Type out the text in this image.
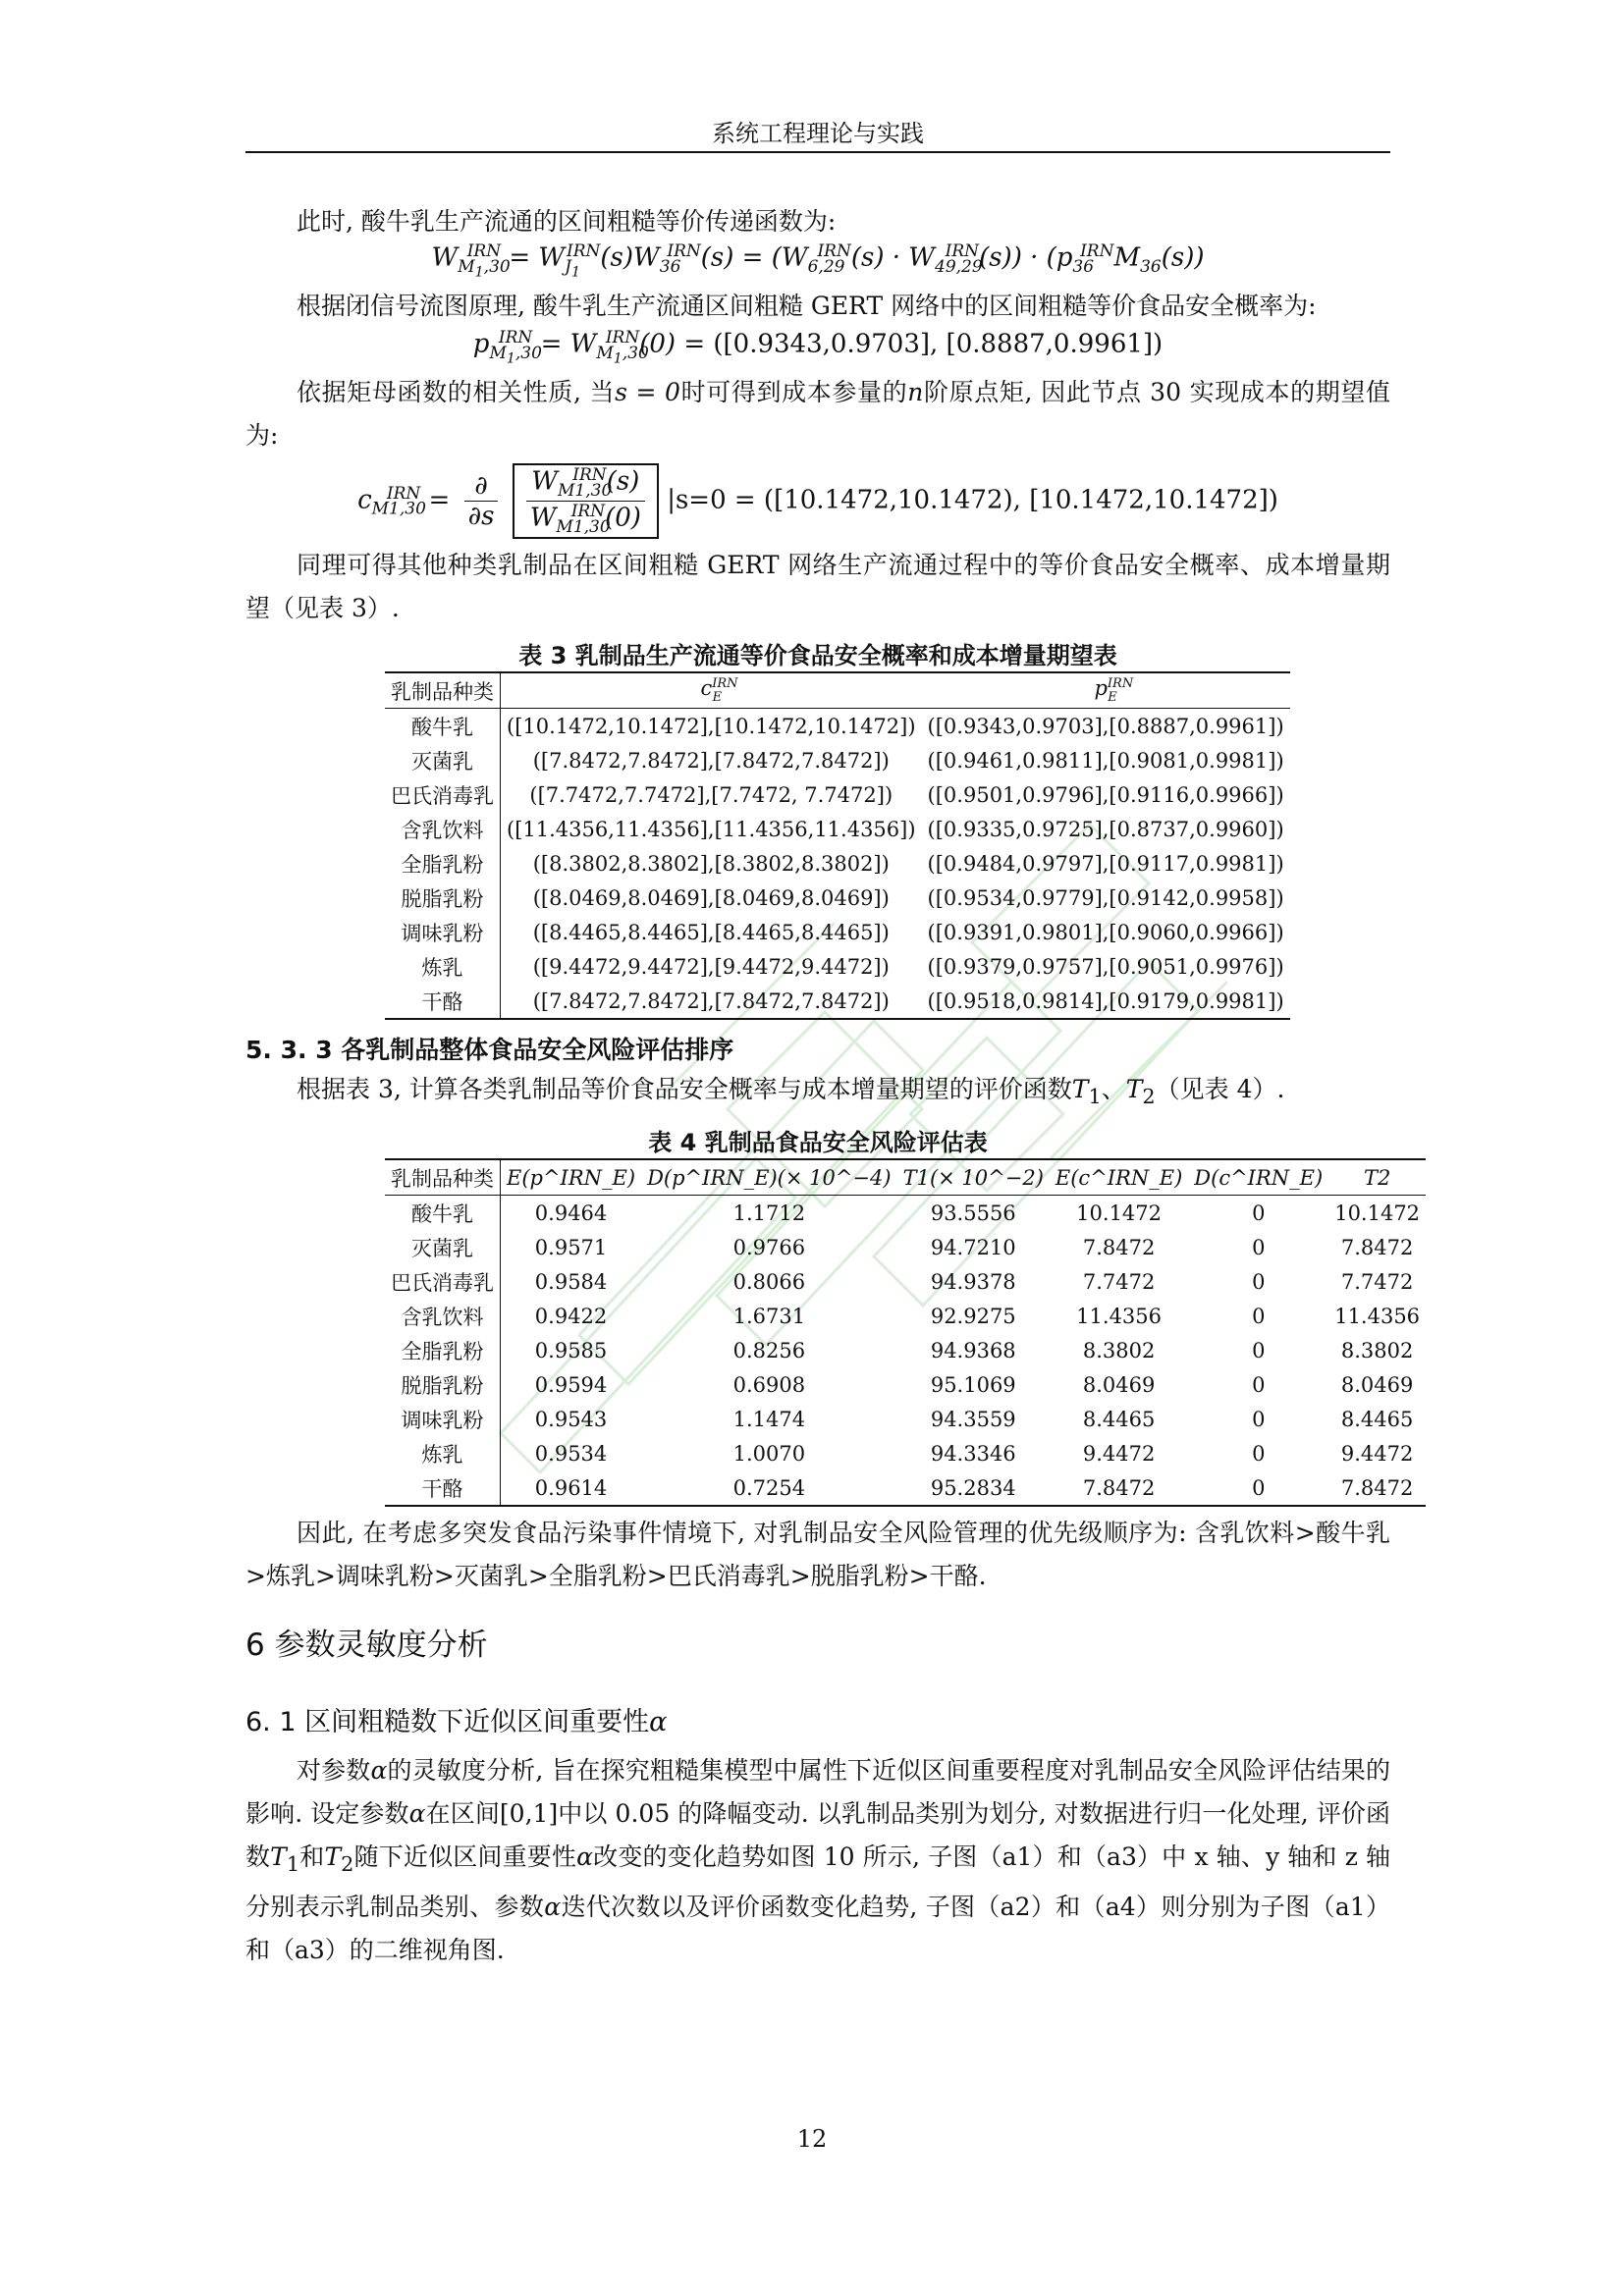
系统工程理论与实践

此时, 酸牛乳生产流通的区间粗糙等价传递函数为:

$W_{M_1,30}^{IRN} = W_{J_1}^{IRN}(s)W_{36}^{IRN}(s) = (W_{6,29}^{IRN}(s) \cdot W_{49,29}^{IRN}(s)) \cdot (p_{36}^{IRN}M_{36}(s))$

根据闭信号流图原理, 酸牛乳生产流通区间粗糙 GERT 网络中的区间粗糙等价食品安全概率为:

$p_{M_1,30}^{IRN} = W_{M_1,30}^{IRN}(0) = ([0.9343,0.9703]$, [0.8887,0.9961])

依据矩母函数的相关性质, 当s = 0时可得到成本参量的n阶原点矩, 因此节点 30 实现成本的期望值为:

$c_{M1,30}^{IRN} = \frac{\partial}{\partial s}$
$\frac{W_{M1,30}^{IRN}(s)}{W_{M1,30}^{IRN}(0)} |s=0 = ([10.1472,10.1472)$, [10.1472,10.1472])

同理可得其他种类乳制品在区间粗糙 GERT 网络生产流通过程中的等价食品安全概率、成本增量期望（见表 3）.

表 3 乳制品生产流通等价食品安全概率和成本增量期望表
乳制品种类	$c^{IRN}_E$	$p^{IRN}_E$
酸牛乳	([10.1472,10.1472],[10.1472,10.1472])	([0.9343,0.9703],[0.8887,0.9961])
灭菌乳	([7.8472,7.8472],[7.8472,7.8472])	([0.9461,0.9811],[0.9081,0.9981])
巴氏消毒乳	([7.7472,7.7472],[7.7472, 7.7472])	([0.9501,0.9796],[0.9116,0.9966])
含乳饮料	([11.4356,11.4356],[11.4356,11.4356])	([0.9335,0.9725],[0.8737,0.9960])
全脂乳粉	([8.3802,8.3802],[8.3802,8.3802])	([0.9484,0.9797],[0.9117,0.9981])
脱脂乳粉	([8.0469,8.0469],[8.0469,8.0469])	([0.9534,0.9779],[0.9142,0.9958])
调味乳粉	([8.4465,8.4465],[8.4465,8.4465])	([0.9391,0.9801],[0.9060,0.9966])
炼乳	([9.4472,9.4472],[9.4472,9.4472])	([0.9379,0.9757],[0.9051,0.9976])
干酪	([7.8472,7.8472],[7.8472,7.8472])	([0.9518,0.9814],[0.9179,0.9981])
5. 3. 3 各乳制品整体食品安全风险评估排序

根据表 3, 计算各类乳制品等价食品安全概率与成本增量期望的评价函数$T_1$、$T_2$（见表 4）.

表 4 乳制品食品安全风险评估表
乳制品种类	E(p^IRN_E)	D(p^IRN_E)(× 10^−4)	T1(× 10^−2)	E(c^IRN_E)	D(c^IRN_E)	T2
酸牛乳	0.9464	1.1712	93.5556	10.1472	0	10.1472
灭菌乳	0.9571	0.9766	94.7210	7.8472	0	7.8472
巴氏消毒乳	0.9584	0.8066	94.9378	7.7472	0	7.7472
含乳饮料	0.9422	1.6731	92.9275	11.4356	0	11.4356
全脂乳粉	0.9585	0.8256	94.9368	8.3802	0	8.3802
脱脂乳粉	0.9594	0.6908	95.1069	8.0469	0	8.0469
调味乳粉	0.9543	1.1474	94.3559	8.4465	0	8.4465
炼乳	0.9534	1.0070	94.3346	9.4472	0	9.4472
干酪	0.9614	0.7254	95.2834	7.8472	0	7.8472

因此, 在考虑多突发食品污染事件情境下, 对乳制品安全风险管理的优先级顺序为: 含乳饮料>酸牛乳>炼乳>调味乳粉>灭菌乳>全脂乳粉>巴氏消毒乳>脱脂乳粉>干酪.

6 参数灵敏度分析
6. 1 区间粗糙数下近似区间重要性α

对参数α的灵敏度分析, 旨在探究粗糙集模型中属性下近似区间重要程度对乳制品安全风险评估结果的影响. 设定参数α在区间[0,1]中以 0.05 的降幅变动. 以乳制品类别为划分, 对数据进行归一化处理, 评价函数$T_1$和$T_2$随下近似区间重要性α改变的变化趋势如图 10 所示, 子图（a1）和（a3）中 x 轴、y 轴和 z 轴分别表示乳制品类别、参数α迭代次数以及评价函数变化趋势, 子图（a2）和（a4）则分别为子图（a1）和（a3）的二维视角图.

12
